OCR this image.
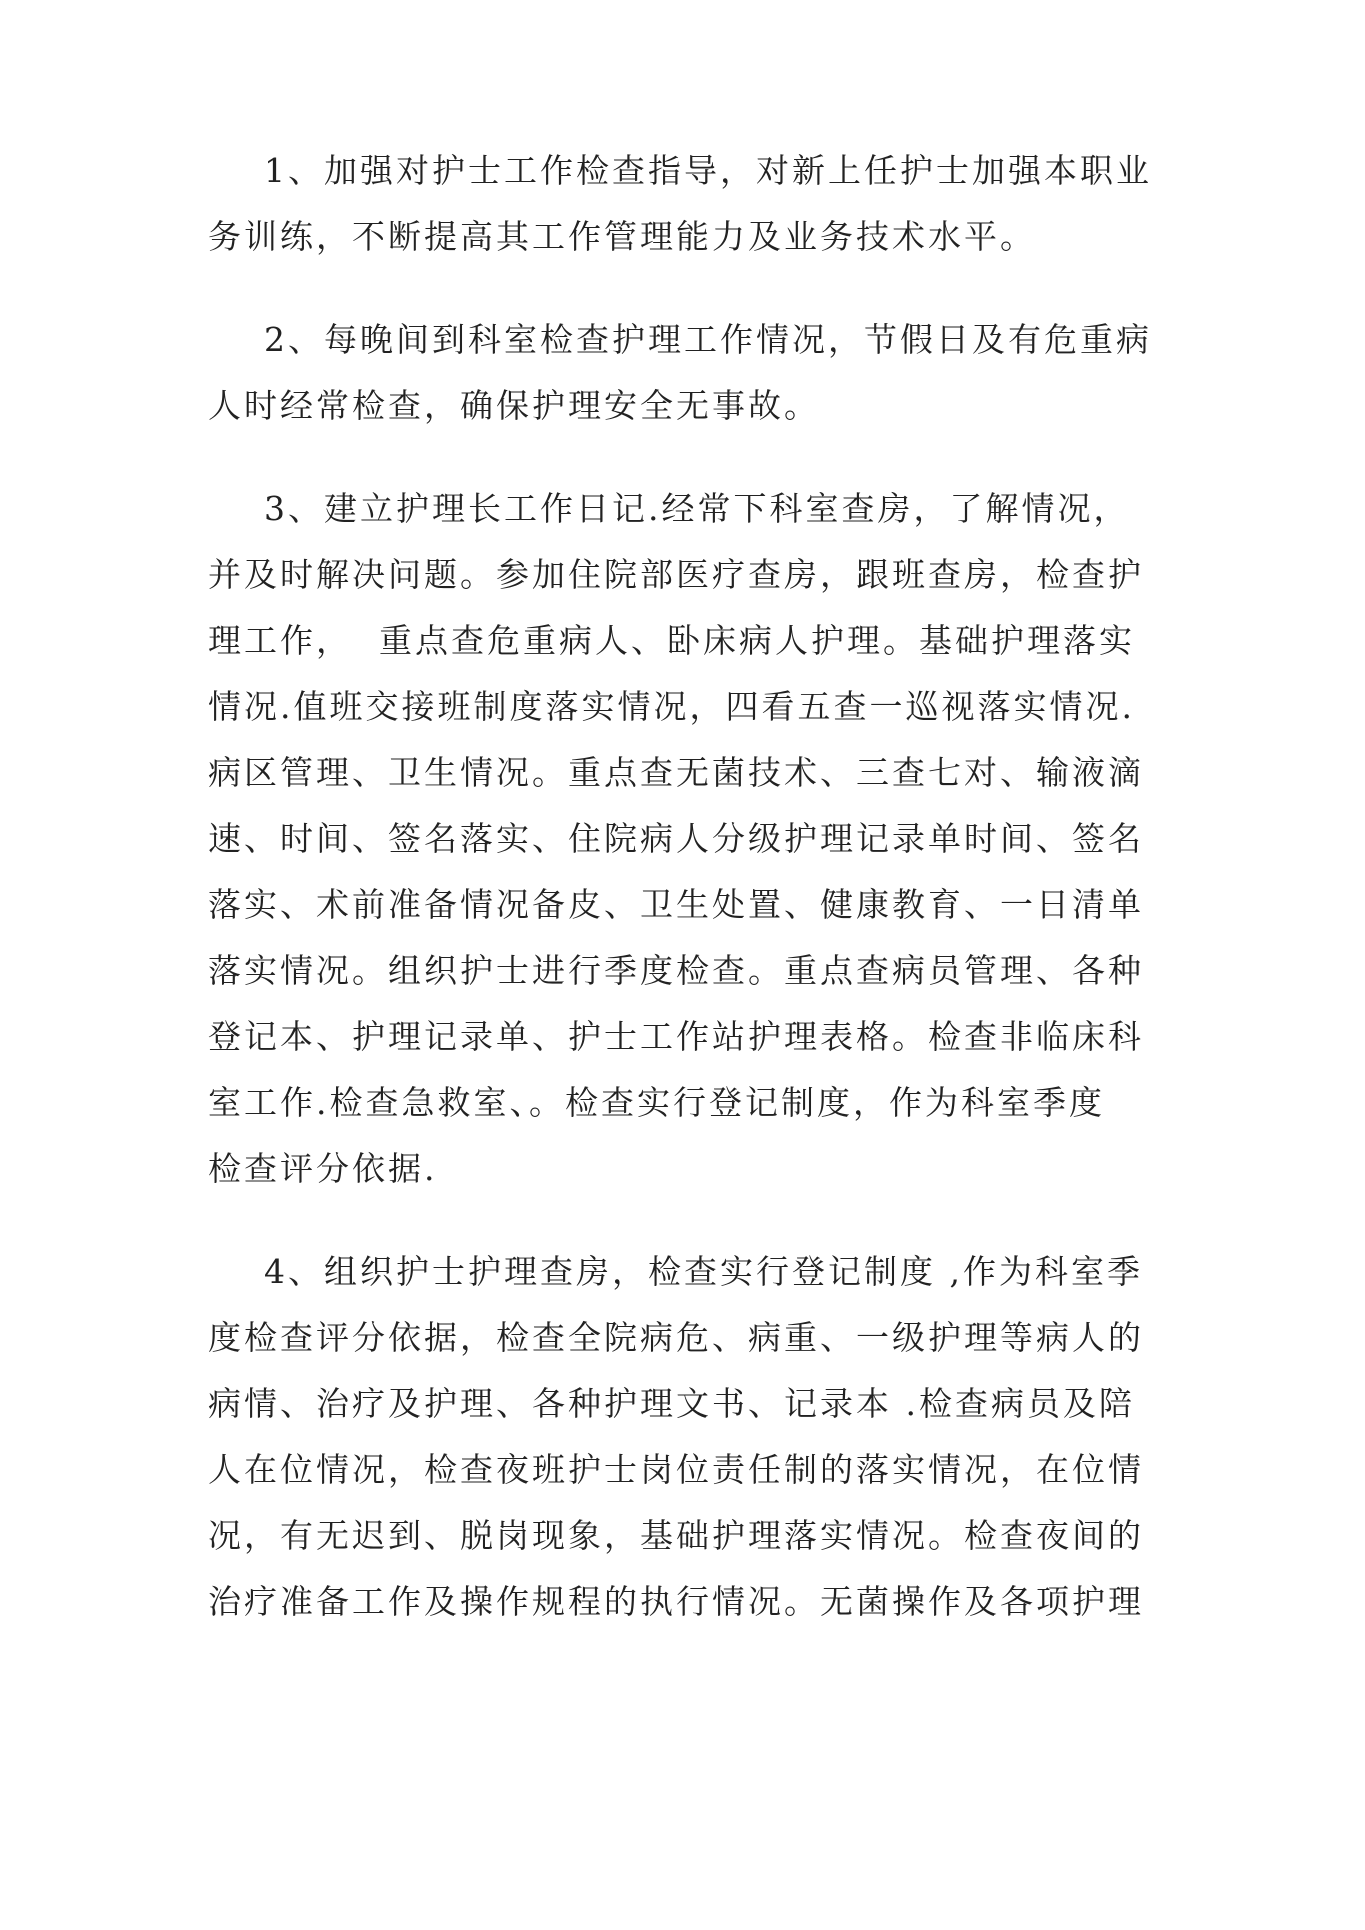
1、加强对护士工作检查指导，对新上任护士加强本职业
务训练，不断提高其工作管理能力及业务技术水平。

2、每晚间到科室检查护理工作情况，节假日及有危重病
人时经常检查，确保护理安全无事故。

3、建立护理长工作日记.经常下科室查房，了解情况，
并及时解决问题。参加住院部医疗查房，跟班查房，检查护
理工作，  重点查危重病人、卧床病人护理。基础护理落实
情况.值班交接班制度落实情况，四看五查一巡视落实情况.
病区管理、卫生情况。重点查无菌技术、三查七对、输液滴
速、时间、签名落实、住院病人分级护理记录单时间、签名
落实、术前准备情况备皮、卫生处置、健康教育、一日清单
落实情况。组织护士进行季度检查。重点查病员管理、各种
登记本、护理记录单、护士工作站护理表格。检查非临床科
室工作.检查急救室、。检查实行登记制度，作为科室季度
检查评分依据.

4、组织护士护理查房，检查实行登记制度 ,作为科室季
度检查评分依据，检查全院病危、病重、一级护理等病人的
病情、治疗及护理、各种护理文书、记录本 .检查病员及陪
人在位情况，检查夜班护士岗位责任制的落实情况，在位情
况，有无迟到、脱岗现象，基础护理落实情况。检查夜间的
治疗准备工作及操作规程的执行情况。无菌操作及各项护理
